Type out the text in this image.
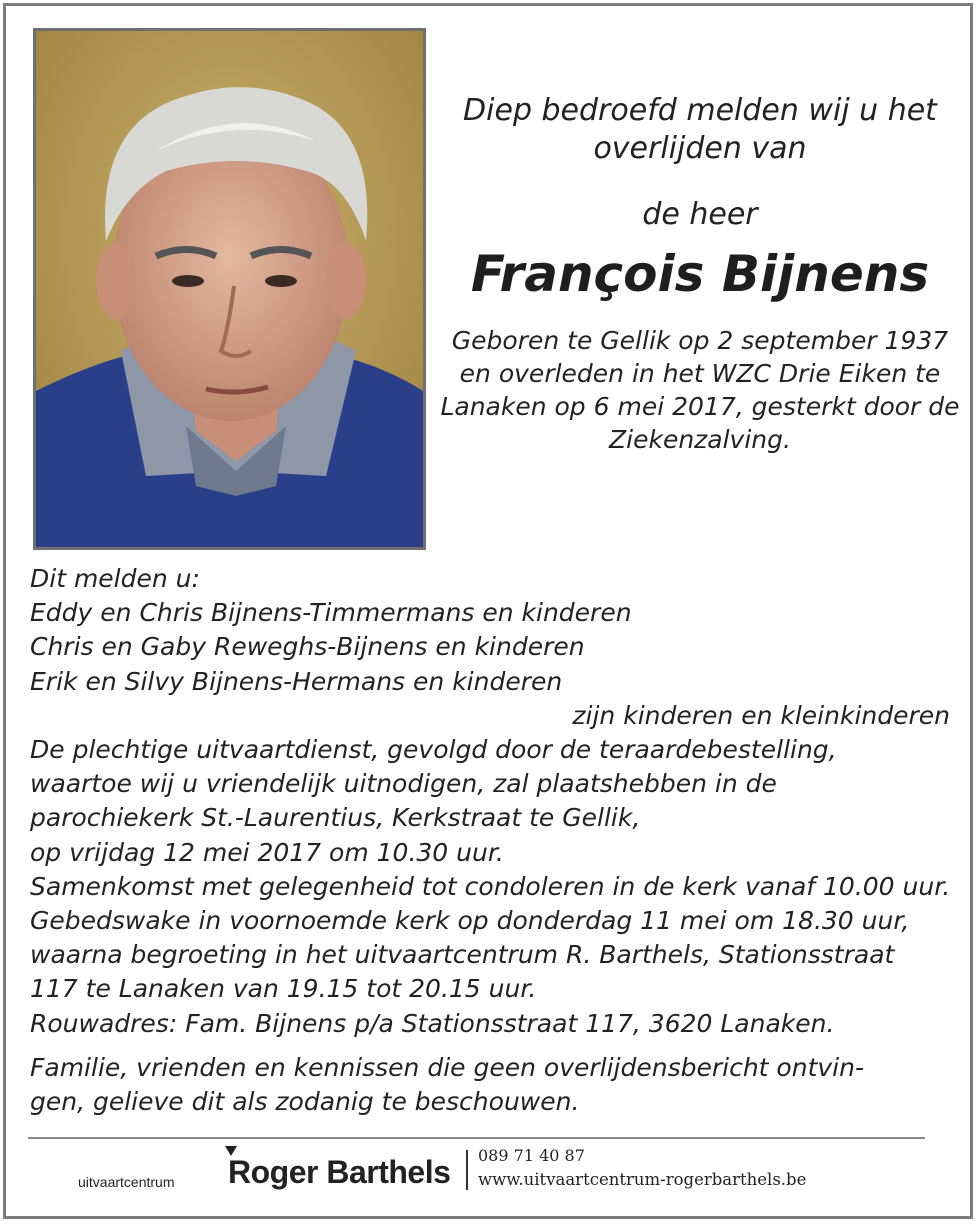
Diep bedroefd melden wij u het overlijden van
de heer
François Bijnens
Geboren te Gellik op 2 september 1937 en overleden in het WZC Drie Eiken te Lanaken op 6 mei 2017, gesterkt door de Ziekenzalving.
Dit melden u:
Eddy en Chris Bijnens-Timmermans en kinderen
Chris en Gaby Reweghs-Bijnens en kinderen
Erik en Silvy Bijnens-Hermans en kinderen
zijn kinderen en kleinkinderen
De plechtige uitvaartdienst, gevolgd door de teraardebestelling,
waartoe wij u vriendelijk uitnodigen, zal plaatshebben in de
parochiekerk St.-Laurentius, Kerkstraat te Gellik,
op vrijdag 12 mei 2017 om 10.30 uur.
Samenkomst met gelegenheid tot condoleren in de kerk vanaf 10.00 uur.
Gebedswake in voornoemde kerk op donderdag 11 mei om 18.30 uur,
waarna begroeting in het uitvaartcentrum R. Barthels, Stationsstraat
117 te Lanaken van 19.15 tot 20.15 uur.
Rouwadres: Fam. Bijnens p/a Stationsstraat 117, 3620 Lanaken.
Familie, vrienden en kennissen die geen overlijdensbericht ontvin-
gen, gelieve dit als zodanig te beschouwen.
uitvaartcentrum Roger Barthels 089 71 40 87
www.uitvaartcentrum-rogerbarthels.be
